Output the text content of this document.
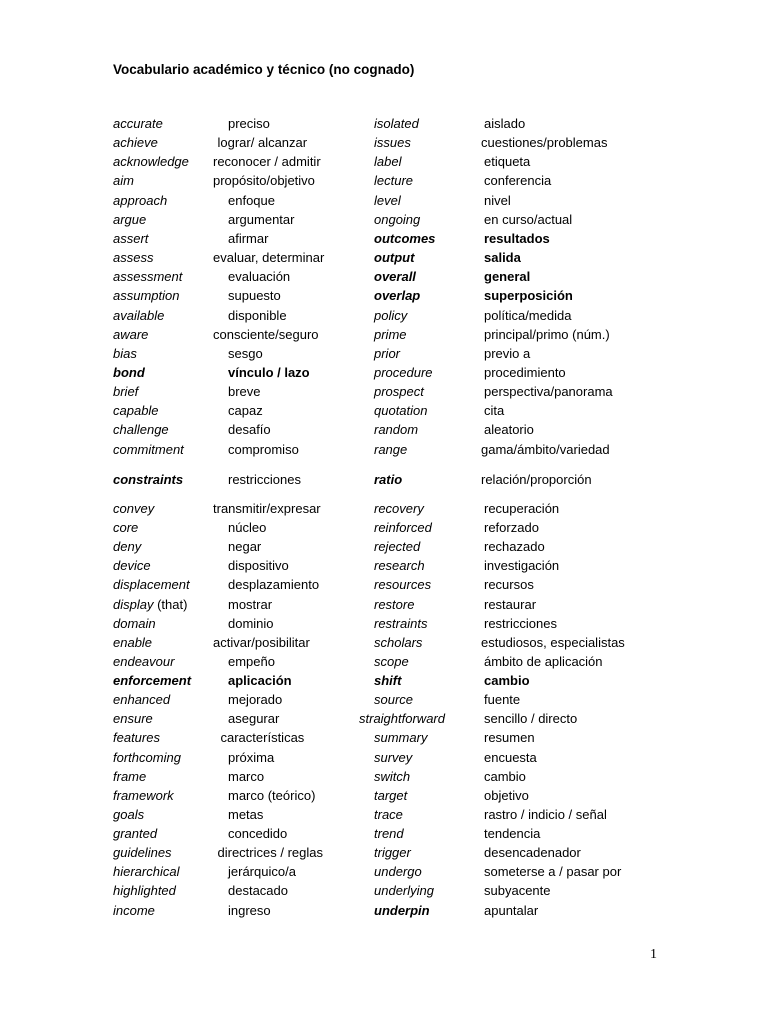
Vocabulario académico y técnico (no cognado)
accurate	preciso
achieve	lograr/ alcanzar
acknowledge reconocer / admitir
aim	propósito/objetivo
approach	enfoque
argue	argumentar
assert	afirmar
assess	evaluar, determinar
assessment	evaluación
assumption	supuesto
available	disponible
aware	consciente/seguro
bias	sesgo
bond	vínculo / lazo
brief	breve
capable	capaz
challenge	desafío
commitment	compromiso
constraints	restricciones
convey	transmitir/expresar
core	núcleo
deny	negar
device	dispositivo
displacement	desplazamiento
display (that)	mostrar
domain	dominio
enable	activar/posibilitar
endeavour	empeño
enforcement	aplicación
enhanced	mejorado
ensure	asegurar
features	características
forthcoming	próxima
frame	marco
framework	marco (teórico)
goals	metas
granted	concedido
guidelines	directrices / reglas
hierarchical	jerárquico/a
highlighted	destacado
income	ingreso
isolated	aislado
issues	cuestiones/problemas
label	etiqueta
lecture	conferencia
level	nivel
ongoing	en curso/actual
outcomes	resultados
output	salida
overall	general
overlap	superposición
policy	política/medida
prime	principal/primo (núm.)
prior	previo a
procedure	procedimiento
prospect	perspectiva/panorama
quotation	cita
random	aleatorio
range	gama/ámbito/variedad
ratio	relación/proporción
recovery	recuperación
reinforced	reforzado
rejected	rechazado
research	investigación
resources	recursos
restore	restaurar
restraints	restricciones
scholars	estudiosos, especialistas
scope	ámbito de aplicación
shift	cambio
source	fuente
straightforward	sencillo / directo
summary	resumen
survey	encuesta
switch	cambio
target	objetivo
trace	rastro / indicio / señal
trend	tendencia
trigger	desencadenador
undergo	someterse a / pasar por
underlying	subyacente
underpin	apuntalar
1
